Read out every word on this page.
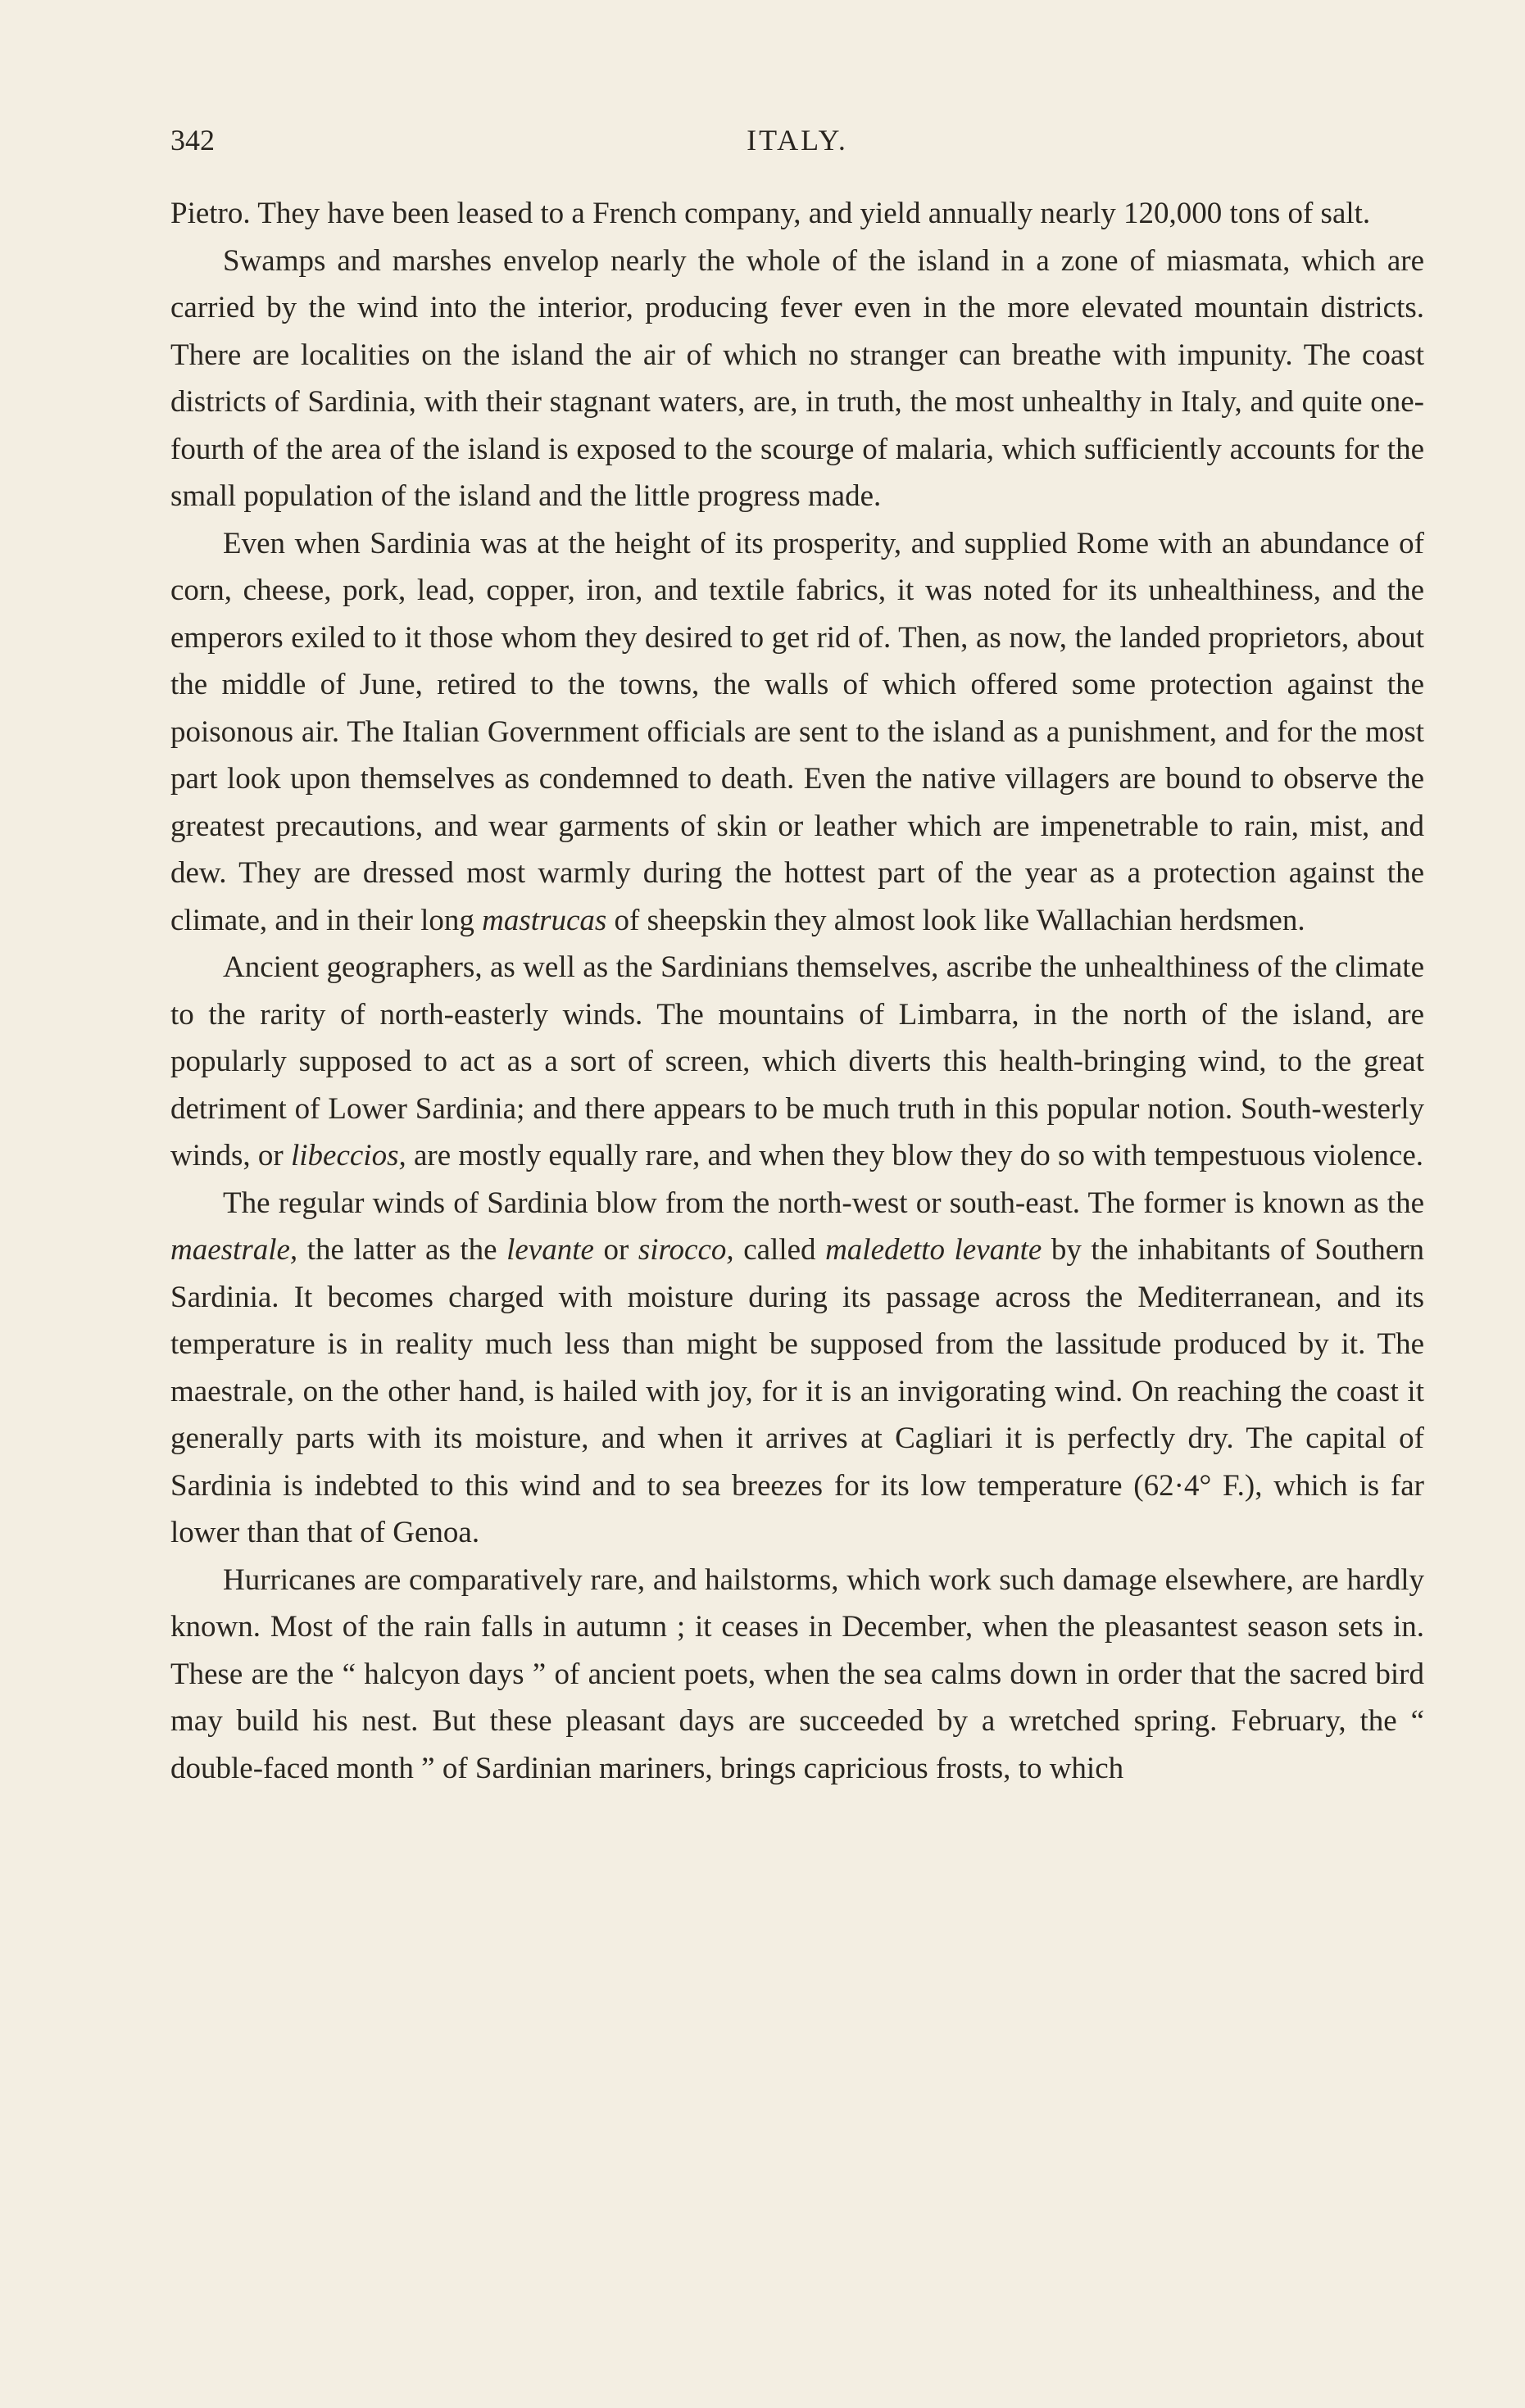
342	ITALY.

Pietro. They have been leased to a French company, and yield annually nearly 120,000 tons of salt.

Swamps and marshes envelop nearly the whole of the island in a zone of miasmata, which are carried by the wind into the interior, producing fever even in the more elevated mountain districts. There are localities on the island the air of which no stranger can breathe with impunity. The coast districts of Sardinia, with their stagnant waters, are, in truth, the most unhealthy in Italy, and quite one-fourth of the area of the island is exposed to the scourge of malaria, which sufficiently accounts for the small population of the island and the little progress made.

Even when Sardinia was at the height of its prosperity, and supplied Rome with an abundance of corn, cheese, pork, lead, copper, iron, and textile fabrics, it was noted for its unhealthiness, and the emperors exiled to it those whom they desired to get rid of. Then, as now, the landed proprietors, about the middle of June, retired to the towns, the walls of which offered some protection against the poisonous air. The Italian Government officials are sent to the island as a punishment, and for the most part look upon themselves as condemned to death. Even the native villagers are bound to observe the greatest precautions, and wear garments of skin or leather which are impenetrable to rain, mist, and dew. They are dressed most warmly during the hottest part of the year as a protection against the climate, and in their long mastrucas of sheepskin they almost look like Wallachian herdsmen.

Ancient geographers, as well as the Sardinians themselves, ascribe the unhealthiness of the climate to the rarity of north-easterly winds. The mountains of Limbarra, in the north of the island, are popularly supposed to act as a sort of screen, which diverts this health-bringing wind, to the great detriment of Lower Sardinia; and there appears to be much truth in this popular notion. South-westerly winds, or libeccios, are mostly equally rare, and when they blow they do so with tempestuous violence.

The regular winds of Sardinia blow from the north-west or south-east. The former is known as the maestrale, the latter as the levante or sirocco, called maledetto levante by the inhabitants of Southern Sardinia. It becomes charged with moisture during its passage across the Mediterranean, and its temperature is in reality much less than might be supposed from the lassitude produced by it. The maestrale, on the other hand, is hailed with joy, for it is an invigorating wind. On reaching the coast it generally parts with its moisture, and when it arrives at Cagliari it is perfectly dry. The capital of Sardinia is indebted to this wind and to sea breezes for its low temperature (62·4° F.), which is far lower than that of Genoa.

Hurricanes are comparatively rare, and hailstorms, which work such damage elsewhere, are hardly known. Most of the rain falls in autumn ; it ceases in December, when the pleasantest season sets in. These are the “ halcyon days ” of ancient poets, when the sea calms down in order that the sacred bird may build his nest. But these pleasant days are succeeded by a wretched spring. February, the “ double-faced month ” of Sardinian mariners, brings capricious frosts, to which
